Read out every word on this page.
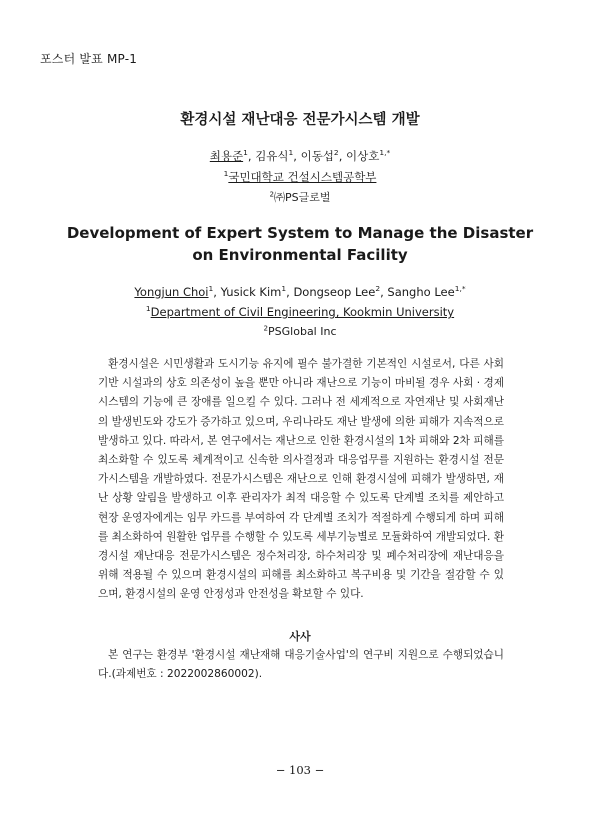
포스터 발표 MP-1
환경시설 재난대응 전문가시스템 개발
최용준$^1$, 김유식$^1$, 이동섭$^2$, 이상호$^{1,*}$
$^1$국민대학교 건설시스템공학부
$^2$㈜PS글로벌
Development of Expert System to Manage the Disaster on Environmental Facility
Yongjun Choi$^1$, Yusick Kim$^1$, Dongseop Lee$^2$, Sangho Lee$^{1,*}$
$^1$Department of Civil Engineering, Kookmin University
$^2$PSGlobal Inc

환경시설은 시민생활과 도시기능 유지에 필수 불가결한 기본적인 시설로서, 다른 사회기반 시설과의 상호 의존성이 높을 뿐만 아니라 재난으로 기능이 마비될 경우 사회 · 경제 시스템의 기능에 큰 장애를 일으킬 수 있다. 그러나 전 세계적으로 자연재난 및 사회재난의 발생빈도와 강도가 증가하고 있으며, 우리나라도 재난 발생에 의한 피해가 지속적으로 발생하고 있다. 따라서, 본 연구에서는 재난으로 인한 환경시설의 1차 피해와 2차 피해를 최소화할 수 있도록 체계적이고 신속한 의사결정과 대응업무를 지원하는 환경시설 전문가시스템을 개발하였다. 전문가시스템은 재난으로 인해 환경시설에 피해가 발생하면, 재난 상황 알림을 발생하고 이후 관리자가 최적 대응할 수 있도록 단계별 조치를 제안하고 현장 운영자에게는 임무 카드를 부여하여 각 단계별 조치가 적절하게 수행되게 하며 피해를 최소화하여 원활한 업무를 수행할 수 있도록 세부기능별로 모듈화하여 개발되었다. 환경시설 재난대응 전문가시스템은 정수처리장, 하수처리장 및 폐수처리장에 재난대응을 위해 적용될 수 있으며 환경시설의 피해를 최소화하고 복구비용 및 기간을 절감할 수 있으며, 환경시설의 운영 안정성과 안전성을 확보할 수 있다.

사사

본 연구는 환경부 '환경시설 재난재해 대응기술사업'의 연구비 지원으로 수행되었습니다.(과제번호 : 2022002860002).

− 103 −
